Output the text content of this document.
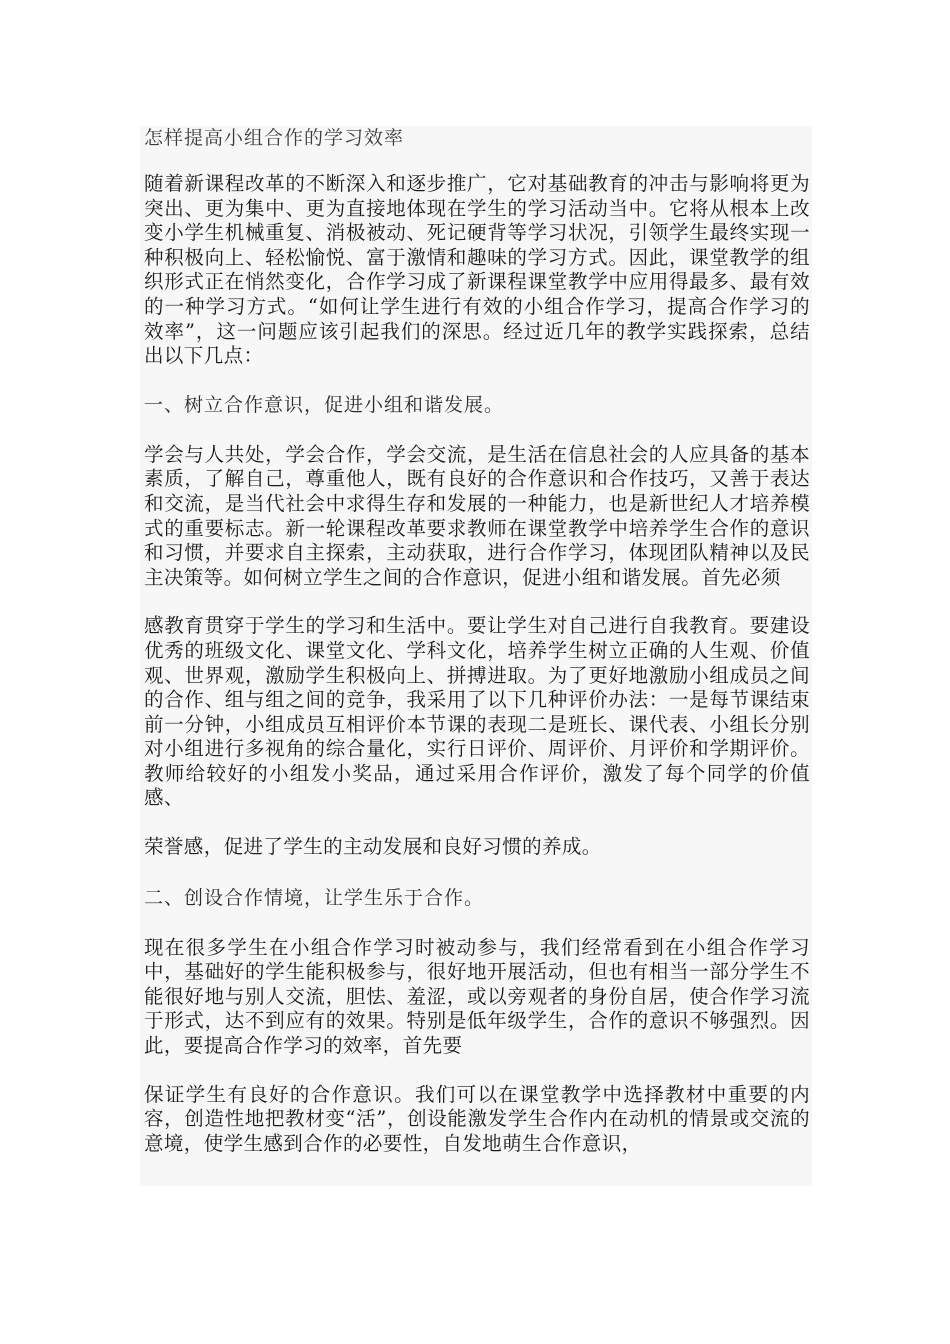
怎样提高小组合作的学习效率
随着新课程改革的不断深入和逐步推广，它对基础教育的冲击与影响将更为突出、更为集中、更为直接地体现在学生的学习活动当中。它将从根本上改变小学生机械重复、消极被动、死记硬背等学习状况，引领学生最终实现一种积极向上、轻松愉悦、富于激情和趣味的学习方式。因此，课堂教学的组织形式正在悄然变化，合作学习成了新课程课堂教学中应用得最多、最有效的一种学习方式。“如何让学生进行有效的小组合作学习，提高合作学习的效率”，这一问题应该引起我们的深思。经过近几年的教学实践探索，总结出以下几点：
一、树立合作意识，促进小组和谐发展。
学会与人共处，学会合作，学会交流，是生活在信息社会的人应具备的基本素质，了解自己，尊重他人，既有良好的合作意识和合作技巧，又善于表达和交流，是当代社会中求得生存和发展的一种能力，也是新世纪人才培养模式的重要标志。新一轮课程改革要求教师在课堂教学中培养学生合作的意识和习惯，并要求自主探索，主动获取，进行合作学习，体现团队精神以及民主决策等。如何树立学生之间的合作意识，促进小组和谐发展。首先必须
感教育贯穿于学生的学习和生活中。要让学生对自己进行自我教育。要建设优秀的班级文化、课堂文化、学科文化，培养学生树立正确的人生观、价值观、世界观，激励学生积极向上、拼搏进取。为了更好地激励小组成员之间的合作、组与组之间的竞争，我采用了以下几种评价办法：一是每节课结束前一分钟，小组成员互相评价本节课的表现二是班长、课代表、小组长分别对小组进行多视角的综合量化，实行日评价、周评价、月评价和学期评价。教师给较好的小组发小奖品，通过采用合作评价，激发了每个同学的价值感、
荣誉感，促进了学生的主动发展和良好习惯的养成。
二、创设合作情境，让学生乐于合作。
现在很多学生在小组合作学习时被动参与，我们经常看到在小组合作学习中，基础好的学生能积极参与，很好地开展活动，但也有相当一部分学生不能很好地与别人交流，胆怯、羞涩，或以旁观者的身份自居，使合作学习流于形式，达不到应有的效果。特别是低年级学生，合作的意识不够强烈。因此，要提高合作学习的效率，首先要
保证学生有良好的合作意识。我们可以在课堂教学中选择教材中重要的内容，创造性地把教材变“活”，创设能激发学生合作内在动机的情景或交流的意境，使学生感到合作的必要性，自发地萌生合作意识，
